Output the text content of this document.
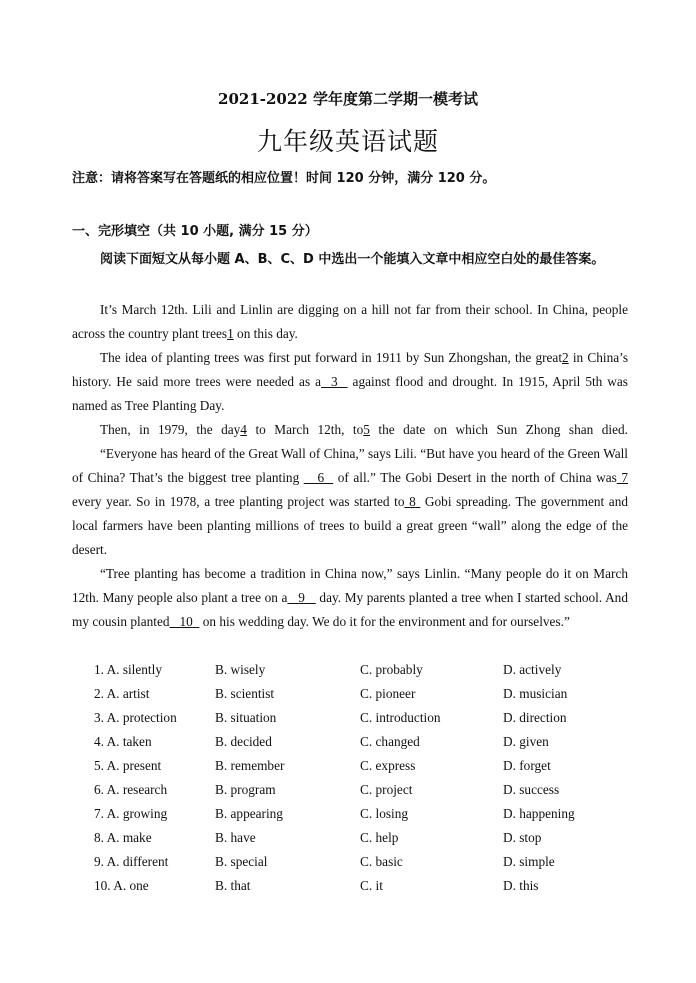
2021-2022 学年度第二学期一模考试
九年级英语试题
注意：请将答案写在答题纸的相应位置！时间 120 分钟，满分 120 分。
一、完形填空（共 10 小题, 满分 15 分）
阅读下面短文从每小题 A、B、C、D 中选出一个能填入文章中相应空白处的最佳答案。

It’s March 12th. Lili and Linlin are digging on a hill not far from their school. In China, people across the country plant trees1 on this day.

The idea of planting trees was first put forward in 1911 by Sun Zhongshan, the great2 in China’s history. He said more trees were needed as a 3   against flood and drought. In 1915, April 5th was named as Tree Planting Day.

Then, in 1979, the day4 to March 12th, to5 the date on which Sun Zhong shan died.

“Everyone has heard of the Great Wall of China,” says Lili. “But have you heard of the Green Wall of China? That’s the biggest tree planting    6   of all.” The Gobi Desert in the north of China was 7 every year. So in 1978, a tree planting project was started to 8  Gobi spreading. The government and local farmers have been planting millions of trees to build a great green “wall” along the edge of the desert.

“Tree planting has become a tradition in China now,” says Linlin. “Many people do it on March 12th. Many people also plant a tree on a 9    day. My parents planted a tree when I started school. And my cousin planted 10   on his wedding day. We do it for the environment and for ourselves.”

1. A. silently	B. wisely	C. probably	D. actively
2. A. artist	B. scientist	C. pioneer	D. musician
3. A. protection	B. situation	C. introduction	D. direction
4. A. taken	B. decided	C. changed	D. given
5. A. present	B. remember	C. express	D. forget
6. A. research	B. program	C. project	D. success
7. A. growing	B. appearing	C. losing	D. happening
8. A. make	B. have	C. help	D. stop
9. A. different	B. special	C. basic	D. simple
10. A. one	B. that	C. it	D. this
